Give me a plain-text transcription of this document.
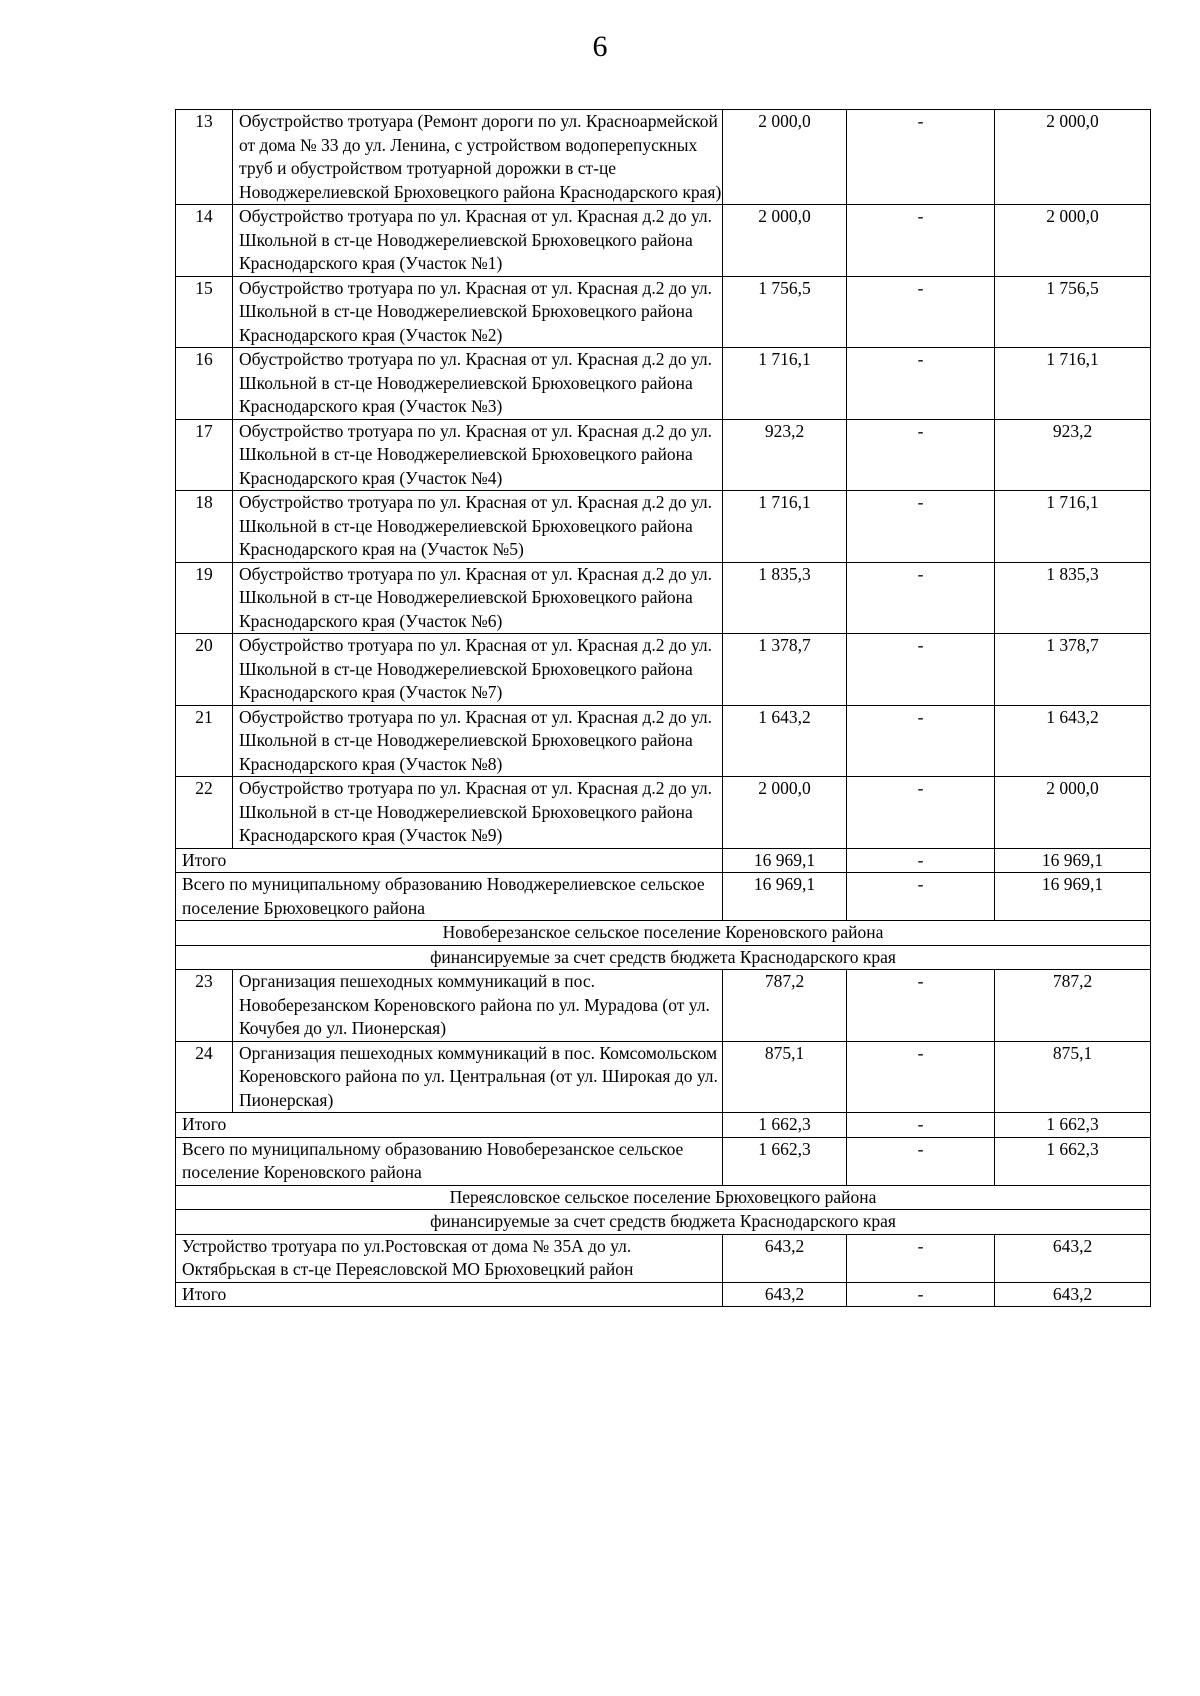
6
13	Обустройство тротуара (Ремонт дороги по ул. Красноармейской от дома № 33 до ул. Ленина, с устройством водоперепускных труб и обустройством тротуарной дорожки в ст-це Новоджерелиевской Брюховецкого района Краснодарского края)	2 000,0	-	2 000,0
14	Обустройство тротуара по ул. Красная от ул. Красная д.2 до ул. Школьной в ст-це Новоджерелиевской Брюховецкого района Краснодарского края (Участок №1)	2 000,0	-	2 000,0
15	Обустройство тротуара по ул. Красная от ул. Красная д.2 до ул. Школьной в ст-це Новоджерелиевской Брюховецкого района Краснодарского края (Участок №2)	1 756,5	-	1 756,5
16	Обустройство тротуара по ул. Красная от ул. Красная д.2 до ул. Школьной в ст-це Новоджерелиевской Брюховецкого района Краснодарского края (Участок №3)	1 716,1	-	1 716,1
17	Обустройство тротуара по ул. Красная от ул. Красная д.2 до ул. Школьной в ст-це Новоджерелиевской Брюховецкого района Краснодарского края (Участок №4)	923,2	-	923,2
18	Обустройство тротуара по ул. Красная от ул. Красная д.2 до ул. Школьной в ст-це Новоджерелиевской Брюховецкого района Краснодарского края на (Участок №5)	1 716,1	-	1 716,1
19	Обустройство тротуара по ул. Красная от ул. Красная д.2 до ул. Школьной в ст-це Новоджерелиевской Брюховецкого района Краснодарского края (Участок №6)	1 835,3	-	1 835,3
20	Обустройство тротуара по ул. Красная от ул. Красная д.2 до ул. Школьной в ст-це Новоджерелиевской Брюховецкого района Краснодарского края (Участок №7)	1 378,7	-	1 378,7
21	Обустройство тротуара по ул. Красная от ул. Красная д.2 до ул. Школьной в ст-це Новоджерелиевской Брюховецкого района Краснодарского края (Участок №8)	1 643,2	-	1 643,2
22	Обустройство тротуара по ул. Красная от ул. Красная д.2 до ул. Школьной в ст-це Новоджерелиевской Брюховецкого района Краснодарского края (Участок №9)	2 000,0	-	2 000,0
Итого		16 969,1	-	16 969,1
Всего по муниципальному образованию Новоджерелиевское сельское поселение Брюховецкого района		16 969,1	-	16 969,1
Новоберезанское сельское поселение Кореновского района				
финансируемые за счет средств бюджета Краснодарского края				
23	Организация пешеходных коммуникаций в пос. Новоберезанском Кореновского района по ул. Мурадова (от ул. Кочубея до ул. Пионерская)	787,2	-	787,2
24	Организация пешеходных коммуникаций в пос. Комсомольском Кореновского района по ул. Центральная (от ул. Широкая до ул. Пионерская)	875,1	-	875,1
Итого		1 662,3	-	1 662,3
Всего по муниципальному образованию Новоберезанское сельское поселение Кореновского района		1 662,3	-	1 662,3
Переясловское сельское поселение Брюховецкого района				
финансируемые за счет средств бюджета Краснодарского края				
Устройство тротуара по ул.Ростовская от дома № 35А до ул. Октябрьская в ст-це Переясловской МО Брюховецкий район		643,2	-	643,2
Итого		643,2	-	643,2
